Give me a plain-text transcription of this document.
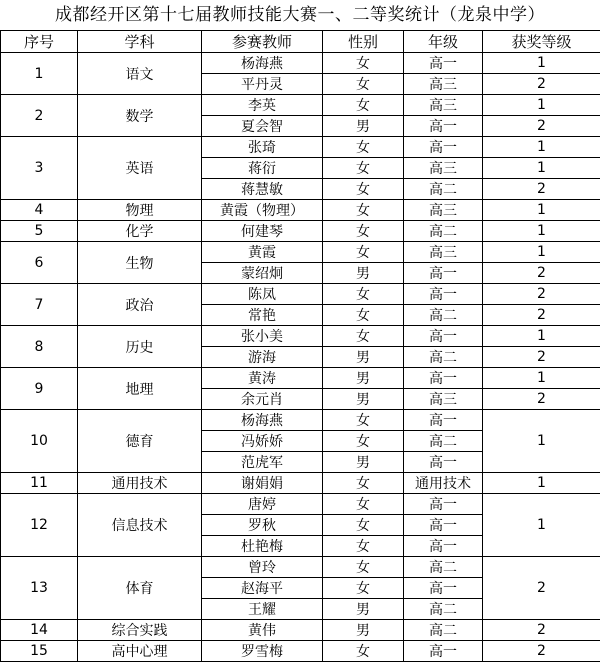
成都经开区第十七届教师技能大赛一、二等奖统计（龙泉中学）
序号	学科	参赛教师	性别	年级	获奖等级
1	语文	杨海燕	女	高一	1
		平丹灵	女	高三	2
2	数学	李英	女	高三	1
		夏会智	男	高一	2
3	英语	张琦	女	高一	1
		蒋衍	女	高三	1
		蒋慧敏	女	高二	2
4	物理	黄霞（物理）	女	高三	1
5	化学	何建琴	女	高二	1
6	生物	黄霞	女	高三	1
		蒙绍炯	男	高一	2
7	政治	陈凤	女	高一	2
		常艳	女	高二	2
8	历史	张小美	女	高一	1
		游海	男	高二	2
9	地理	黄涛	男	高一	1
		余元肖	男	高三	2
10	德育	杨海燕	女	高一	1
		冯娇娇	女	高二	
		范虎军	男	高一	
11	通用技术	谢娟娟	女	通用技术	1
12	信息技术	唐婷	女	高一	1
		罗秋	女	高一	
		杜艳梅	女	高一	
13	体育	曾玲	女	高二	2
		赵海平	女	高一	
		王耀	男	高二	
14	综合实践	黄伟	男	高二	2
15	高中心理	罗雪梅	女	高一	2
